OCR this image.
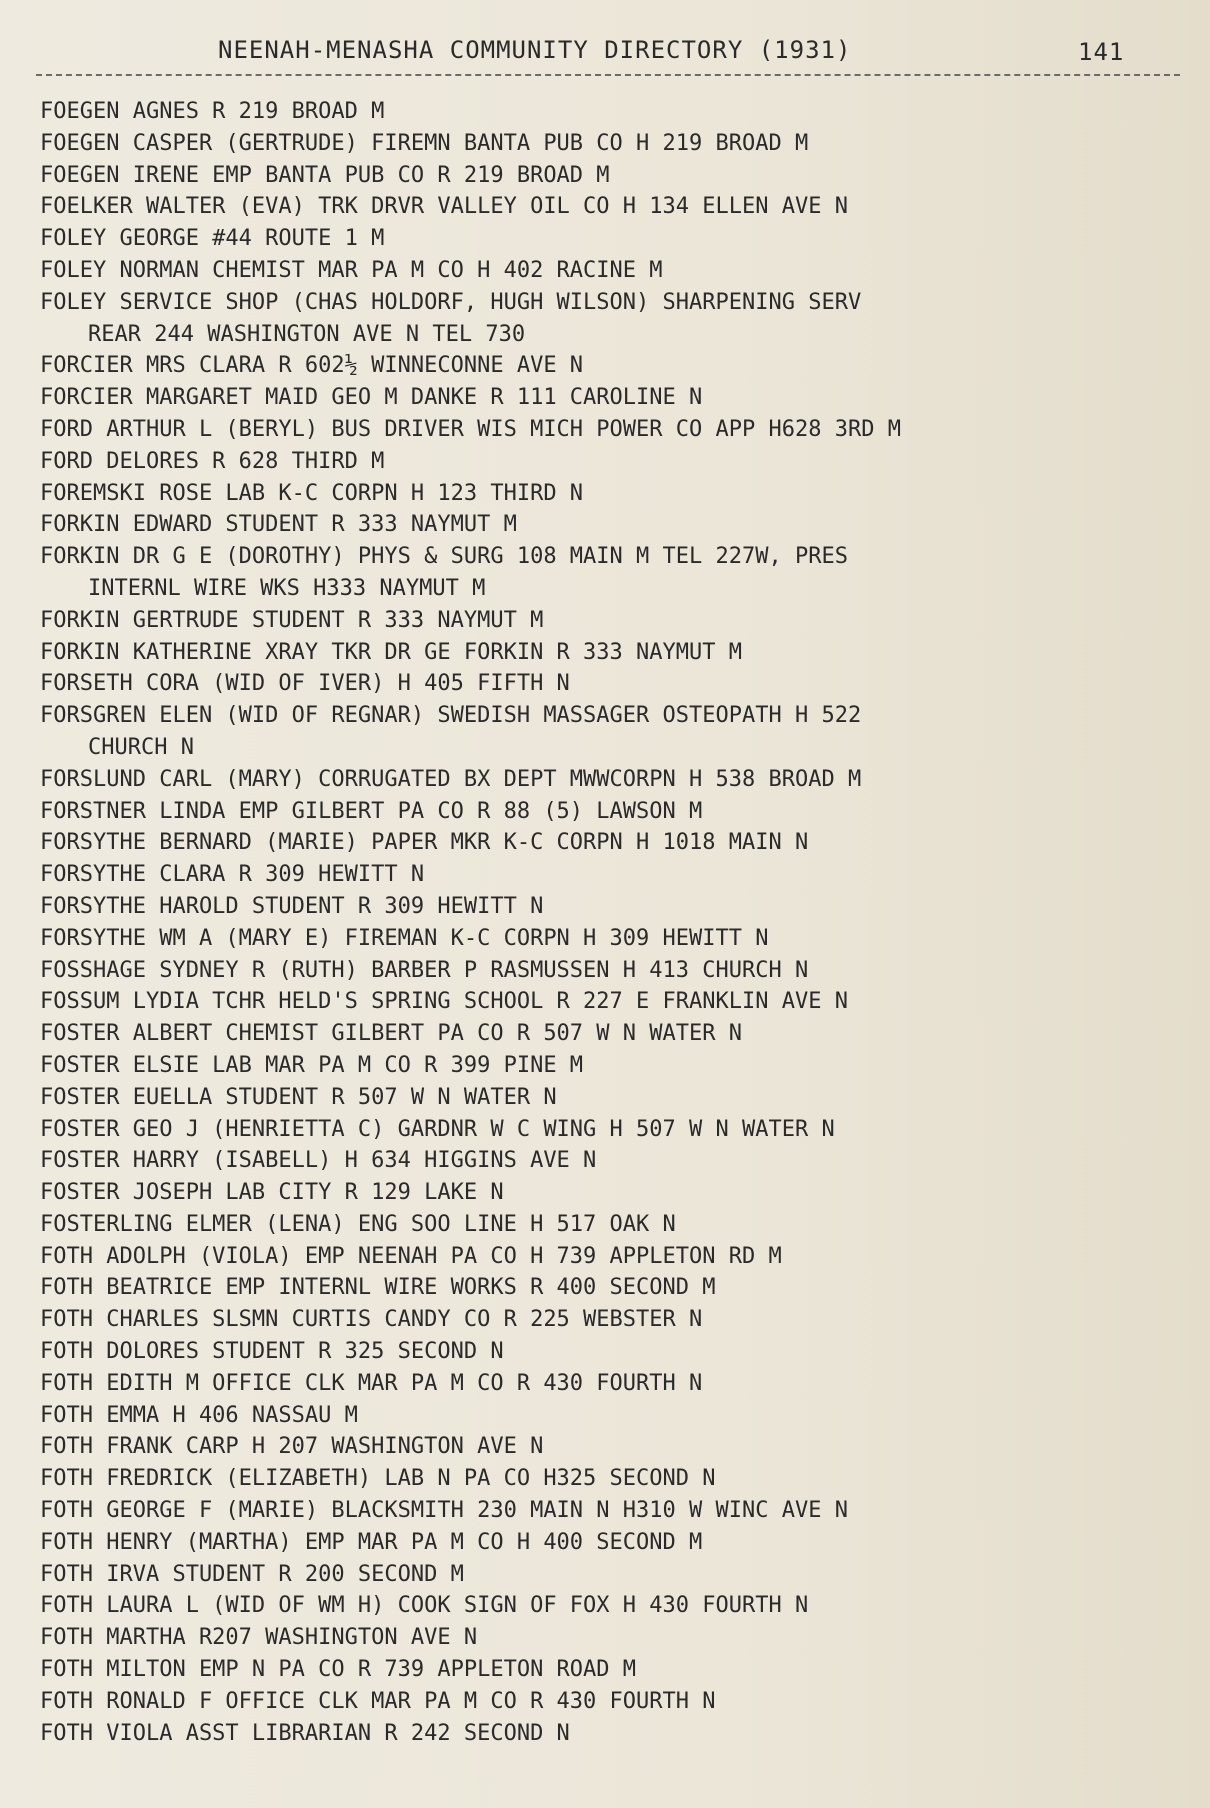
NEENAH-MENASHA COMMUNITY DIRECTORY (1931)	141
FOEGEN AGNES R 219 BROAD M
FOEGEN CASPER (GERTRUDE) FIREMN BANTA PUB CO H 219 BROAD M
FOEGEN IRENE EMP BANTA PUB CO R 219 BROAD M
FOELKER WALTER (EVA) TRK DRVR VALLEY OIL CO H 134 ELLEN AVE N
FOLEY GEORGE #44 ROUTE 1 M
FOLEY NORMAN CHEMIST MAR PA M CO H 402 RACINE M
FOLEY SERVICE SHOP (CHAS HOLDORF, HUGH WILSON) SHARPENING SERV
REAR 244 WASHINGTON AVE N TEL 730
FORCIER MRS CLARA R 602½ WINNECONNE AVE N
FORCIER MARGARET MAID GEO M DANKE R 111 CAROLINE N
FORD ARTHUR L (BERYL) BUS DRIVER WIS MICH POWER CO APP H628 3RD M
FORD DELORES R 628 THIRD M
FOREMSKI ROSE LAB K-C CORPN H 123 THIRD N
FORKIN EDWARD STUDENT R 333 NAYMUT M
FORKIN DR G E (DOROTHY) PHYS & SURG 108 MAIN M TEL 227W, PRES
INTERNL WIRE WKS H333 NAYMUT M
FORKIN GERTRUDE STUDENT R 333 NAYMUT M
FORKIN KATHERINE XRAY TKR DR GE FORKIN R 333 NAYMUT M
FORSETH CORA (WID OF IVER) H 405 FIFTH N
FORSGREN ELEN (WID OF REGNAR) SWEDISH MASSAGER OSTEOPATH H 522
CHURCH N
FORSLUND CARL (MARY) CORRUGATED BX DEPT MWWCORPN H 538 BROAD M
FORSTNER LINDA EMP GILBERT PA CO R 88 (5) LAWSON M
FORSYTHE BERNARD (MARIE) PAPER MKR K-C CORPN H 1018 MAIN N
FORSYTHE CLARA R 309 HEWITT N
FORSYTHE HAROLD STUDENT R 309 HEWITT N
FORSYTHE WM A (MARY E) FIREMAN K-C CORPN H 309 HEWITT N
FOSSHAGE SYDNEY R (RUTH) BARBER P RASMUSSEN H 413 CHURCH N
FOSSUM LYDIA TCHR HELD'S SPRING SCHOOL R 227 E FRANKLIN AVE N
FOSTER ALBERT CHEMIST GILBERT PA CO R 507 W N WATER N
FOSTER ELSIE LAB MAR PA M CO R 399 PINE M
FOSTER EUELLA STUDENT R 507 W N WATER N
FOSTER GEO J (HENRIETTA C) GARDNR W C WING H 507 W N WATER N
FOSTER HARRY (ISABELL) H 634 HIGGINS AVE N
FOSTER JOSEPH LAB CITY R 129 LAKE N
FOSTERLING ELMER (LENA) ENG SOO LINE H 517 OAK N
FOTH ADOLPH (VIOLA) EMP NEENAH PA CO H 739 APPLETON RD M
FOTH BEATRICE EMP INTERNL WIRE WORKS R 400 SECOND M
FOTH CHARLES SLSMN CURTIS CANDY CO R 225 WEBSTER N
FOTH DOLORES STUDENT R 325 SECOND N
FOTH EDITH M OFFICE CLK MAR PA M CO R 430 FOURTH N
FOTH EMMA H 406 NASSAU M
FOTH FRANK CARP H 207 WASHINGTON AVE N
FOTH FREDRICK (ELIZABETH) LAB N PA CO H325 SECOND N
FOTH GEORGE F (MARIE) BLACKSMITH 230 MAIN N H310 W WINC AVE N
FOTH HENRY (MARTHA) EMP MAR PA M CO H 400 SECOND M
FOTH IRVA STUDENT R 200 SECOND M
FOTH LAURA L (WID OF WM H) COOK SIGN OF FOX H 430 FOURTH N
FOTH MARTHA R207 WASHINGTON AVE N
FOTH MILTON EMP N PA CO R 739 APPLETON ROAD M
FOTH RONALD F OFFICE CLK MAR PA M CO R 430 FOURTH N
FOTH VIOLA ASST LIBRARIAN R 242 SECOND N
